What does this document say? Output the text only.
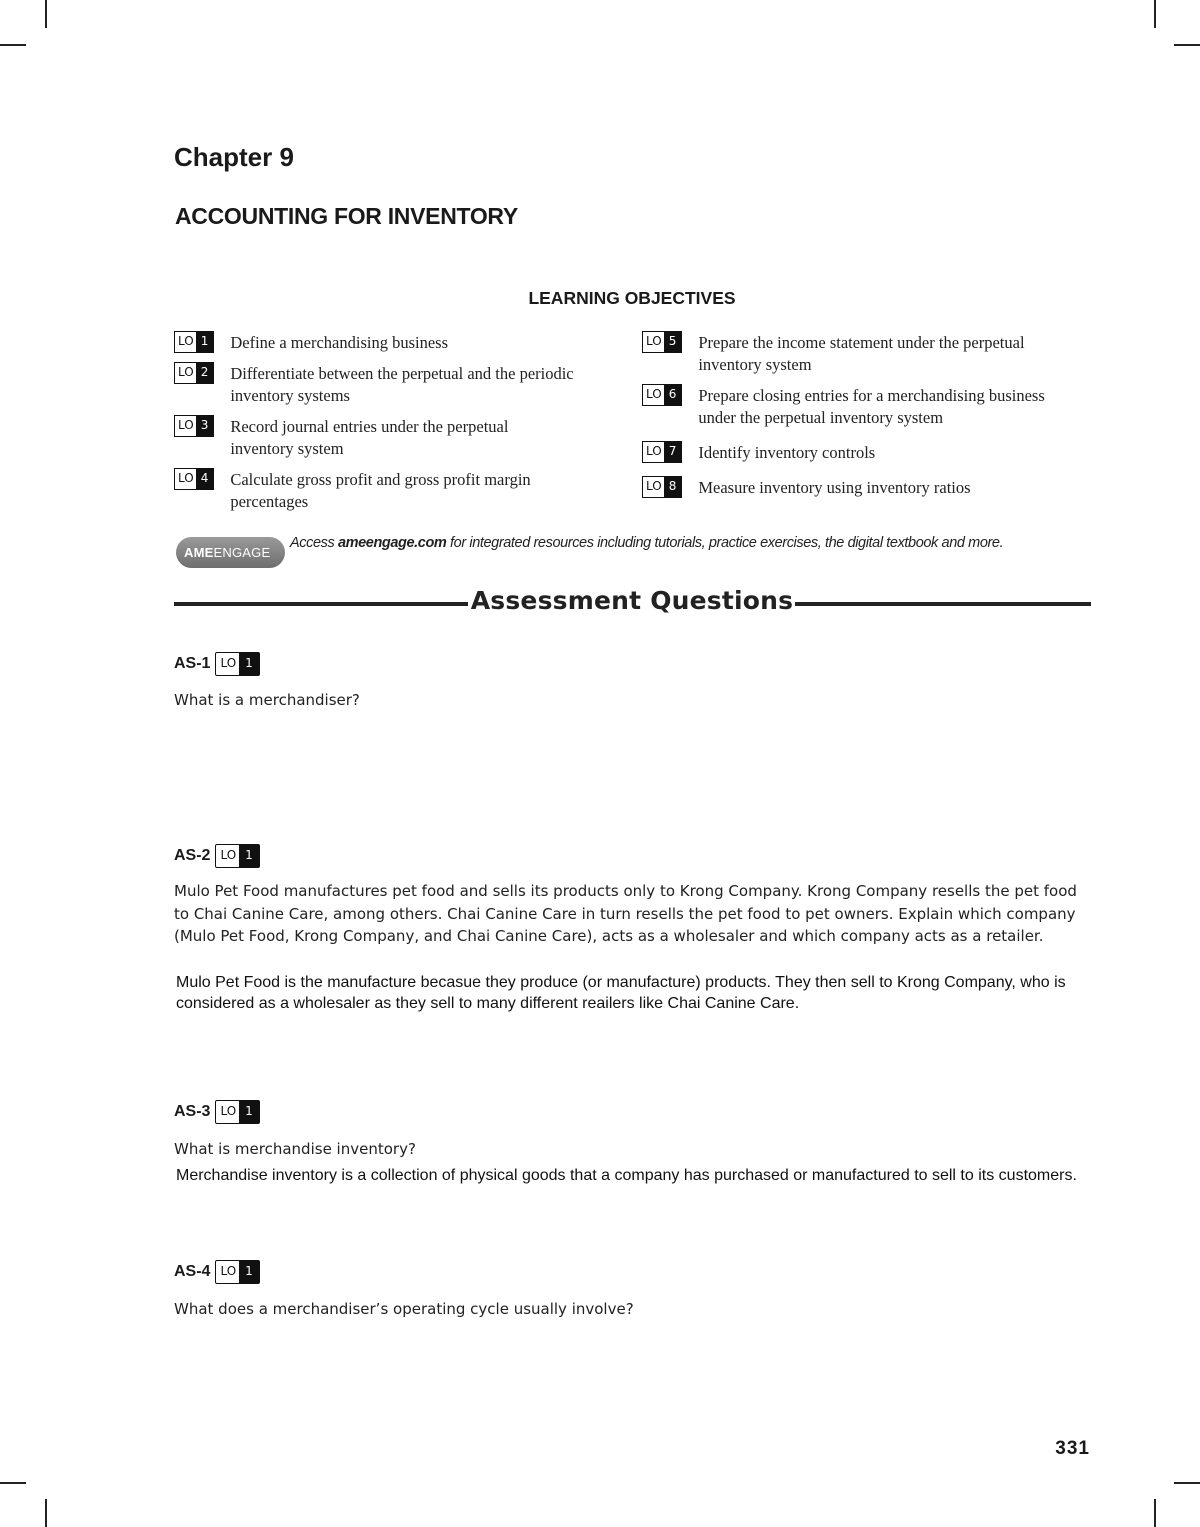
Chapter 9
ACCOUNTING FOR INVENTORY
LEARNING OBJECTIVES
LO 1	Define a merchandising business
LO 2	Differentiate between the perpetual and the periodic inventory systems
LO 3	Record journal entries under the perpetual inventory system
LO 4	Calculate gross profit and gross profit margin percentages
LO 5	Prepare the income statement under the perpetual inventory system
LO 6	Prepare closing entries for a merchandising business under the perpetual inventory system
LO 7	Identify inventory controls
LO 8	Measure inventory using inventory ratios
AMEENGAGE
Access ameengage.com for integrated resources including tutorials, practice exercises, the digital textbook and more.
Assessment Questions
AS-1 LO 1
What is a merchandiser?
AS-2 LO 1
Mulo Pet Food manufactures pet food and sells its products only to Krong Company. Krong Company resells the pet food to Chai Canine Care, among others. Chai Canine Care in turn resells the pet food to pet owners. Explain which company (Mulo Pet Food, Krong Company, and Chai Canine Care), acts as a wholesaler and which company acts as a retailer.
Mulo Pet Food is the manufacture becasue they produce (or manufacture) products. They then sell to Krong Company, who is considered as a wholesaler as they sell to many different reailers like Chai Canine Care.
AS-3 LO 1
What is merchandise inventory?
Merchandise inventory is a collection of physical goods that a company has purchased or manufactured to sell to its customers.
AS-4 LO 1
What does a merchandiser’s operating cycle usually involve?
331
